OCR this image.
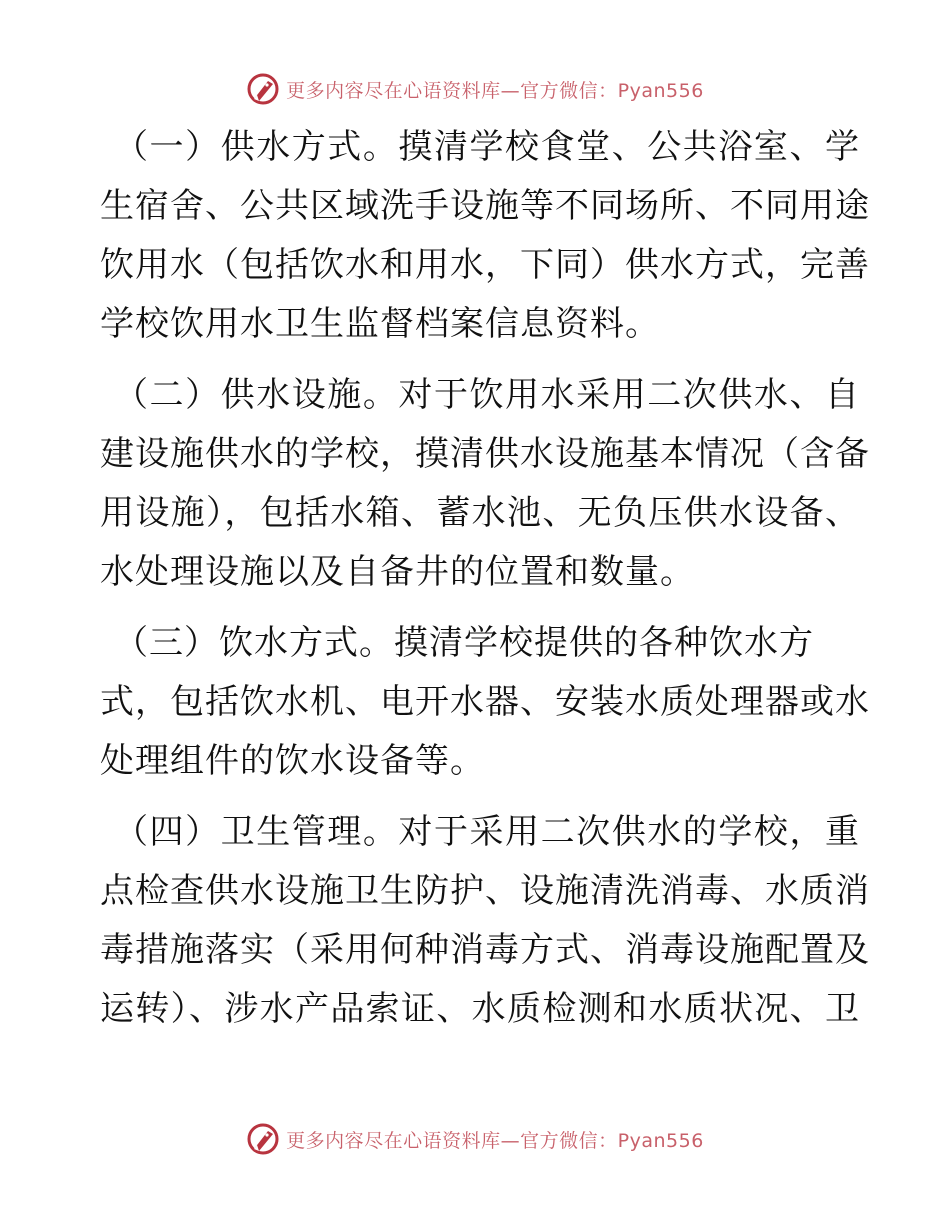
更多内容尽在心语资料库—官方微信：Pyan556
（一）供水方式。摸清学校食堂、公共浴室、学
生宿舍、公共区域洗手设施等不同场所、不同用途
饮用水（包括饮水和用水，下同）供水方式，完善
学校饮用水卫生监督档案信息资料。
（二）供水设施。对于饮用水采用二次供水、自
建设施供水的学校，摸清供水设施基本情况（含备
用设施），包括水箱、蓄水池、无负压供水设备、
水处理设施以及自备井的位置和数量。
（三）饮水方式。摸清学校提供的各种饮水方
式，包括饮水机、电开水器、安装水质处理器或水
处理组件的饮水设备等。
（四）卫生管理。对于采用二次供水的学校，重
点检查供水设施卫生防护、设施清洗消毒、水质消
毒措施落实（采用何种消毒方式、消毒设施配置及
运转）、涉水产品索证、水质检测和水质状况、卫
更多内容尽在心语资料库—官方微信：Pyan556
